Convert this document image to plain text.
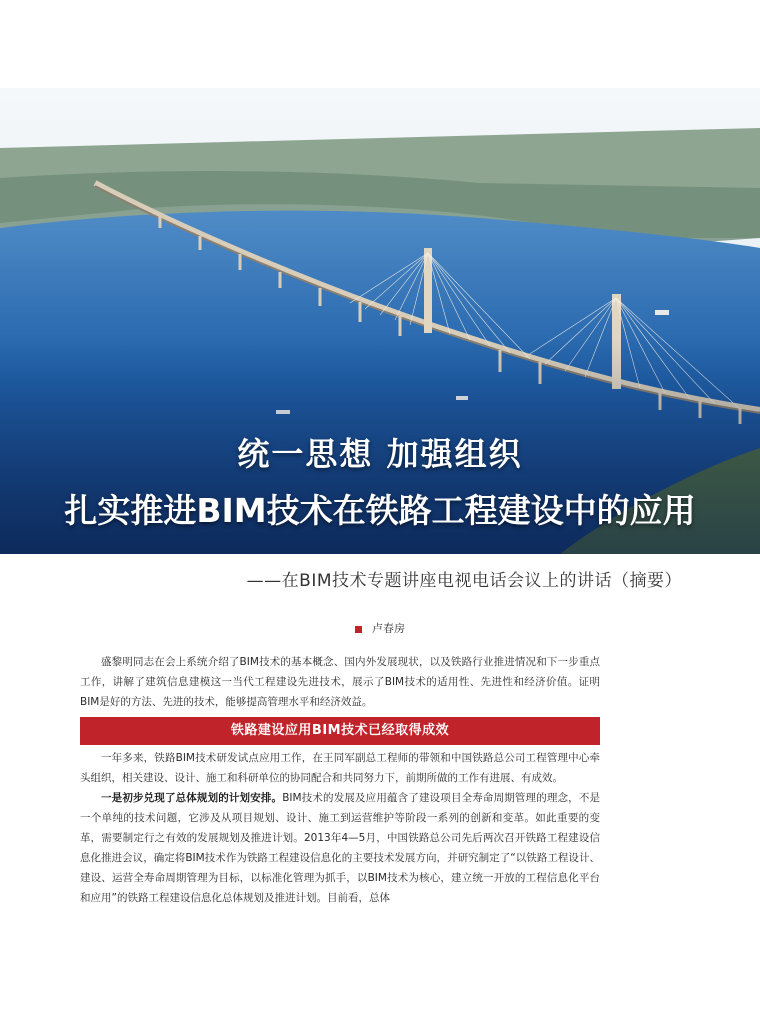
统一思想 加强组织
扎实推进BIM技术在铁路工程建设中的应用
——在BIM技术专题讲座电视电话会议上的讲话（摘要）
卢春房

盛黎明同志在会上系统介绍了BIM技术的基本概念、国内外发展现状，以及铁路行业推进情况和下一步重点工作，讲解了建筑信息建模这一当代工程建设先进技术，展示了BIM技术的适用性、先进性和经济价值。证明BIM是好的方法、先进的技术，能够提高管理水平和经济效益。

铁路建设应用BIM技术已经取得成效

一年多来，铁路BIM技术研发试点应用工作，在王同军副总工程师的带领和中国铁路总公司工程管理中心牵头组织，相关建设、设计、施工和科研单位的协同配合和共同努力下，前期所做的工作有进展、有成效。

一是初步兑现了总体规划的计划安排。BIM技术的发展及应用蕴含了建设项目全寿命周期管理的理念，不是一个单纯的技术问题，它涉及从项目规划、设计、施工到运营维护等阶段一系列的创新和变革。如此重要的变革，需要制定行之有效的发展规划及推进计划。2013年4—5月，中国铁路总公司先后两次召开铁路工程建设信息化推进会议，确定将BIM技术作为铁路工程建设信息化的主要技术发展方向，并研究制定了“以铁路工程设计、建设、运营全寿命周期管理为目标，以标准化管理为抓手，以BIM技术为核心，建立统一开放的工程信息化平台和应用”的铁路工程建设信息化总体规划及推进计划。目前看，总体
